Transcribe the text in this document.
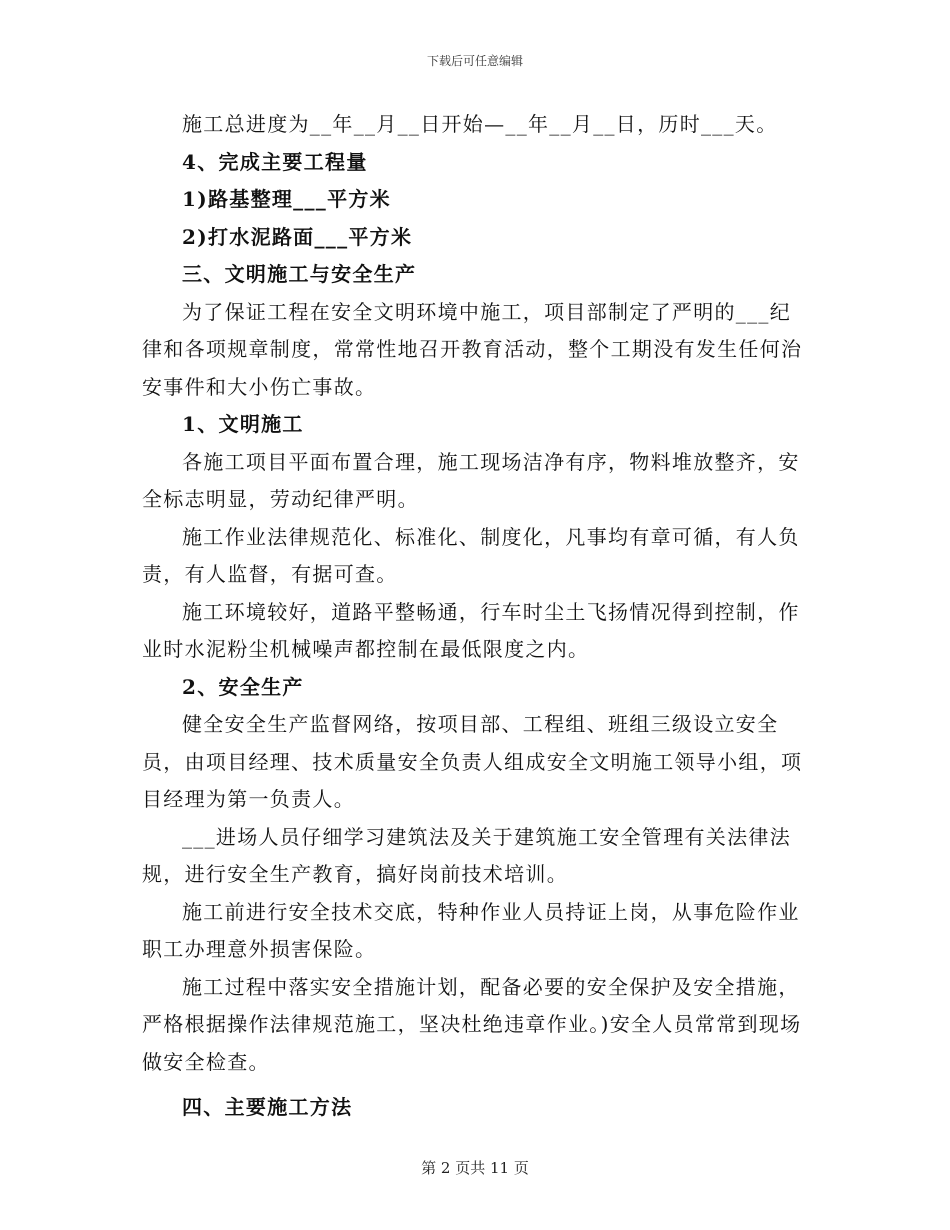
下载后可任意编辑

施工总进度为__年__月__日开始—__年__月__日，历时___天。

4、完成主要工程量

1)路基整理___平方米

2)打水泥路面___平方米

三、文明施工与安全生产

为了保证工程在安全文明环境中施工，项目部制定了严明的___纪律和各项规章制度，常常性地召开教育活动，整个工期没有发生任何治安事件和大小伤亡事故。

1、文明施工

各施工项目平面布置合理，施工现场洁净有序，物料堆放整齐，安全标志明显，劳动纪律严明。

施工作业法律规范化、标准化、制度化，凡事均有章可循，有人负责，有人监督，有据可查。

施工环境较好，道路平整畅通，行车时尘土飞扬情况得到控制，作业时水泥粉尘机械噪声都控制在最低限度之内。

2、安全生产

健全安全生产监督网络，按项目部、工程组、班组三级设立安全员，由项目经理、技术质量安全负责人组成安全文明施工领导小组，项目经理为第一负责人。

___进场人员仔细学习建筑法及关于建筑施工安全管理有关法律法规，进行安全生产教育，搞好岗前技术培训。

施工前进行安全技术交底，特种作业人员持证上岗，从事危险作业职工办理意外损害保险。

施工过程中落实安全措施计划，配备必要的安全保护及安全措施，严格根据操作法律规范施工，坚决杜绝违章作业。)安全人员常常到现场做安全检查。

四、主要施工方法

第 2 页共 11 页
